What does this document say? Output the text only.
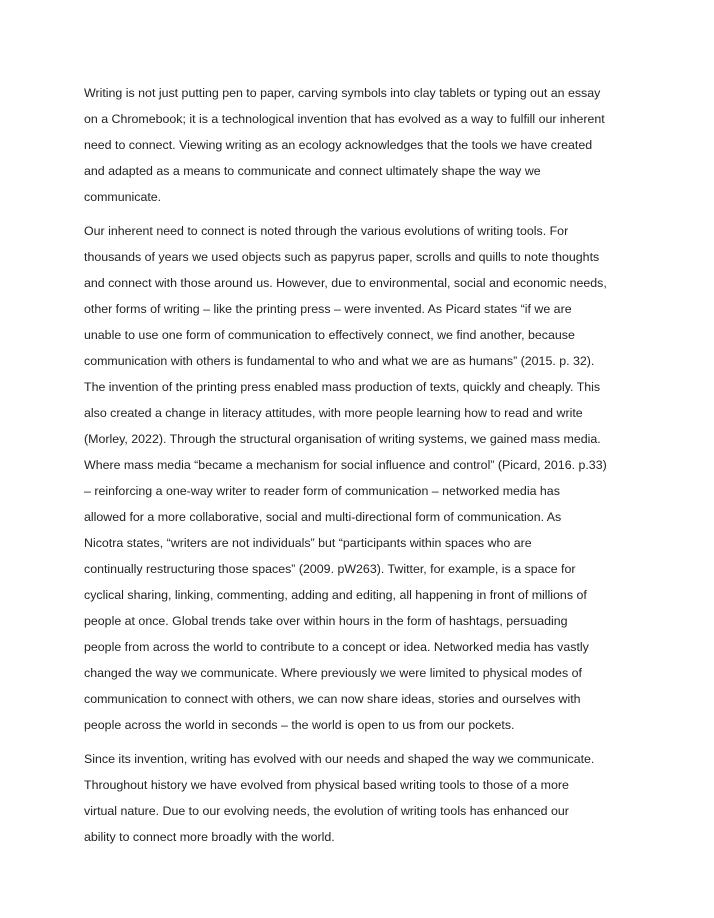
Writing is not just putting pen to paper, carving symbols into clay tablets or typing out an essay
on a Chromebook; it is a technological invention that has evolved as a way to fulfill our inherent
need to connect. Viewing writing as an ecology acknowledges that the tools we have created
and adapted as a means to communicate and connect ultimately shape the way we
communicate.

Our inherent need to connect is noted through the various evolutions of writing tools. For
thousands of years we used objects such as papyrus paper, scrolls and quills to note thoughts
and connect with those around us. However, due to environmental, social and economic needs,
other forms of writing – like the printing press – were invented. As Picard states “if we are
unable to use one form of communication to effectively connect, we find another, because
communication with others is fundamental to who and what we are as humans” (2015. p. 32).
The invention of the printing press enabled mass production of texts, quickly and cheaply. This
also created a change in literacy attitudes, with more people learning how to read and write
(Morley, 2022). Through the structural organisation of writing systems, we gained mass media.
Where mass media “became a mechanism for social influence and control” (Picard, 2016. p.33)
– reinforcing a one-way writer to reader form of communication – networked media has
allowed for a more collaborative, social and multi-directional form of communication. As
Nicotra states, “writers are not individuals” but “participants within spaces who are
continually restructuring those spaces” (2009. pW263). Twitter, for example, is a space for
cyclical sharing, linking, commenting, adding and editing, all happening in front of millions of
people at once. Global trends take over within hours in the form of hashtags, persuading
people from across the world to contribute to a concept or idea. Networked media has vastly
changed the way we communicate. Where previously we were limited to physical modes of
communication to connect with others, we can now share ideas, stories and ourselves with
people across the world in seconds – the world is open to us from our pockets.

Since its invention, writing has evolved with our needs and shaped the way we communicate.
Throughout history we have evolved from physical based writing tools to those of a more
virtual nature. Due to our evolving needs, the evolution of writing tools has enhanced our
ability to connect more broadly with the world.
